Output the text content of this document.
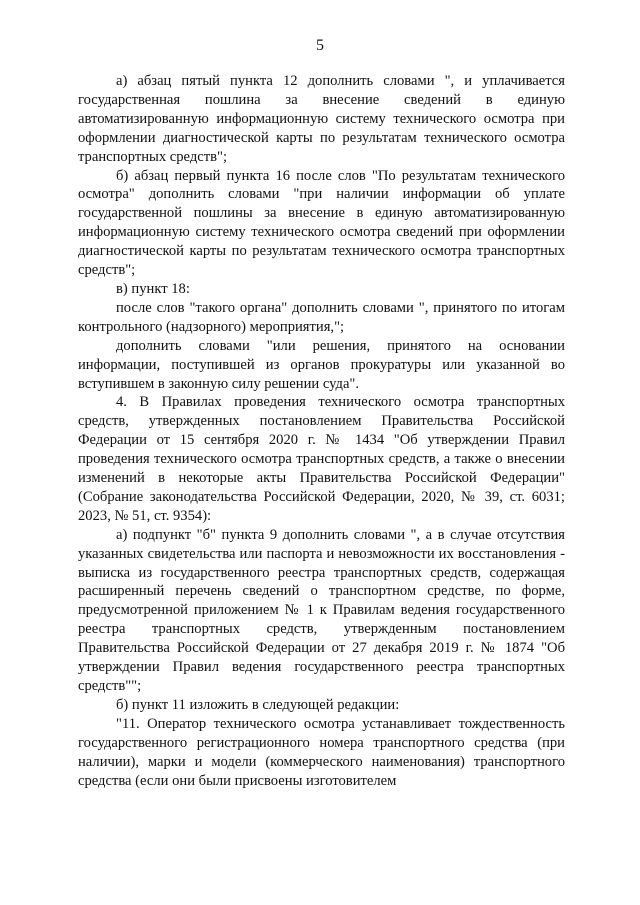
5

а) абзац пятый пункта 12 дополнить словами ", и уплачивается государственная пошлина за внесение сведений в единую автоматизированную информационную систему технического осмотра при оформлении диагностической карты по результатам технического осмотра транспортных средств";

б) абзац первый пункта 16 после слов "По результатам технического осмотра" дополнить словами "при наличии информации об уплате государственной пошлины за внесение в единую автоматизированную информационную систему технического осмотра сведений при оформлении диагностической карты по результатам технического осмотра транспортных средств";

в) пункт 18:

после слов "такого органа" дополнить словами ", принятого по итогам контрольного (надзорного) мероприятия,";

дополнить словами "или решения, принятого на основании информации, поступившей из органов прокуратуры или указанной во вступившем в законную силу решении суда".

4. В Правилах проведения технического осмотра транспортных средств, утвержденных постановлением Правительства Российской Федерации от 15 сентября 2020 г. № 1434 "Об утверждении Правил проведения технического осмотра транспортных средств, а также о внесении изменений в некоторые акты Правительства Российской Федерации" (Собрание законодательства Российской Федерации, 2020, № 39, ст. 6031; 2023, № 51, ст. 9354):

а) подпункт "б" пункта 9 дополнить словами ", а в случае отсутствия указанных свидетельства или паспорта и невозможности их восстановления - выписка из государственного реестра транспортных средств, содержащая расширенный перечень сведений о транспортном средстве, по форме, предусмотренной приложением № 1 к Правилам ведения государственного реестра транспортных средств, утвержденным постановлением Правительства Российской Федерации от 27 декабря 2019 г. № 1874 "Об утверждении Правил ведения государственного реестра транспортных средств"";

б) пункт 11 изложить в следующей редакции:

"11. Оператор технического осмотра устанавливает тождественность государственного регистрационного номера транспортного средства (при наличии), марки и модели (коммерческого наименования) транспортного средства (если они были присвоены изготовителем
